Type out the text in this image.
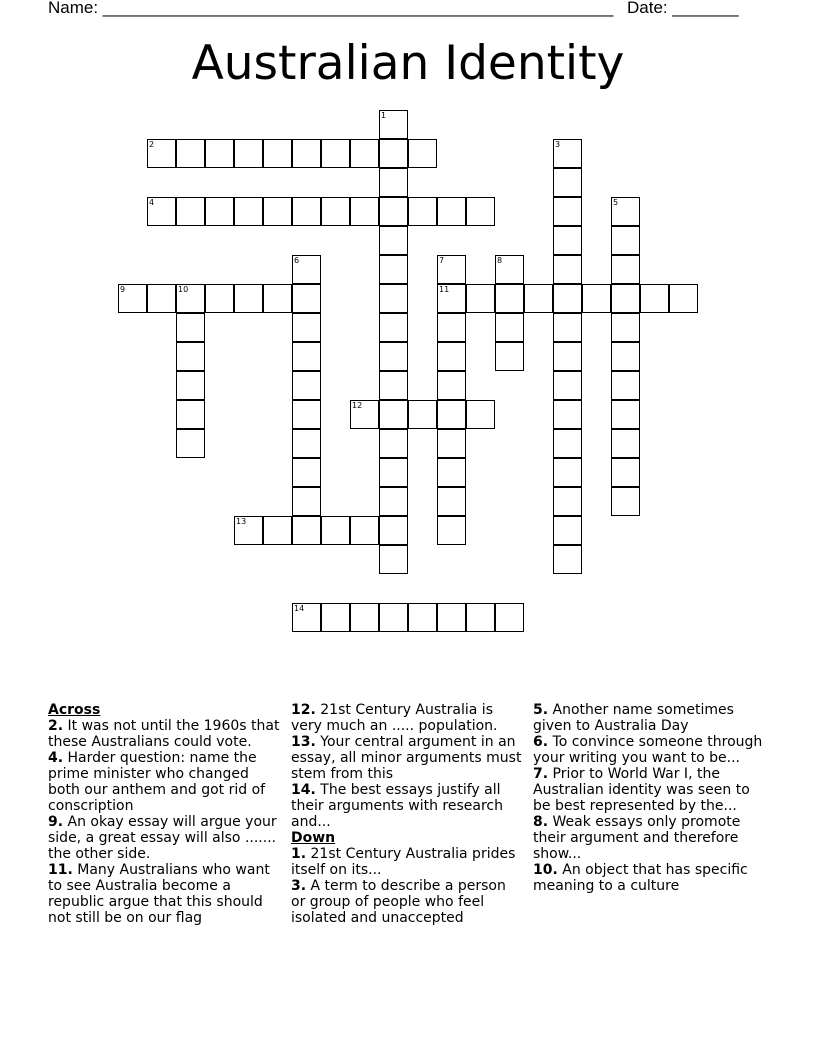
Name: ______________________________________________________ Date: _______
Australian Identity
1
2	3
4	5
6	7
11
8
9	10
12
13
14
Across
2. It was not until the 1960s that these Australians could vote.
4. Harder question: name the prime minister who changed both our anthem and got rid of conscription
9. An okay essay will argue your side, a great essay will also ....... the other side.
11. Many Australians who want to see Australia become a republic argue that this should not still be on our flag
12. 21st Century Australia is very much an ..... population.
13. Your central argument in an essay, all minor arguments must stem from this
14. The best essays justify all their arguments with research and...
Down
1. 21st Century Australia prides itself on its...
3. A term to describe a person or group of people who feel isolated and unaccepted
5. Another name sometimes given to Australia Day
6. To convince someone through your writing you want to be...
7. Prior to World War I, the Australian identity was seen to be best represented by the...
8. Weak essays only promote their argument and therefore show...
10. An object that has specific meaning to a culture
